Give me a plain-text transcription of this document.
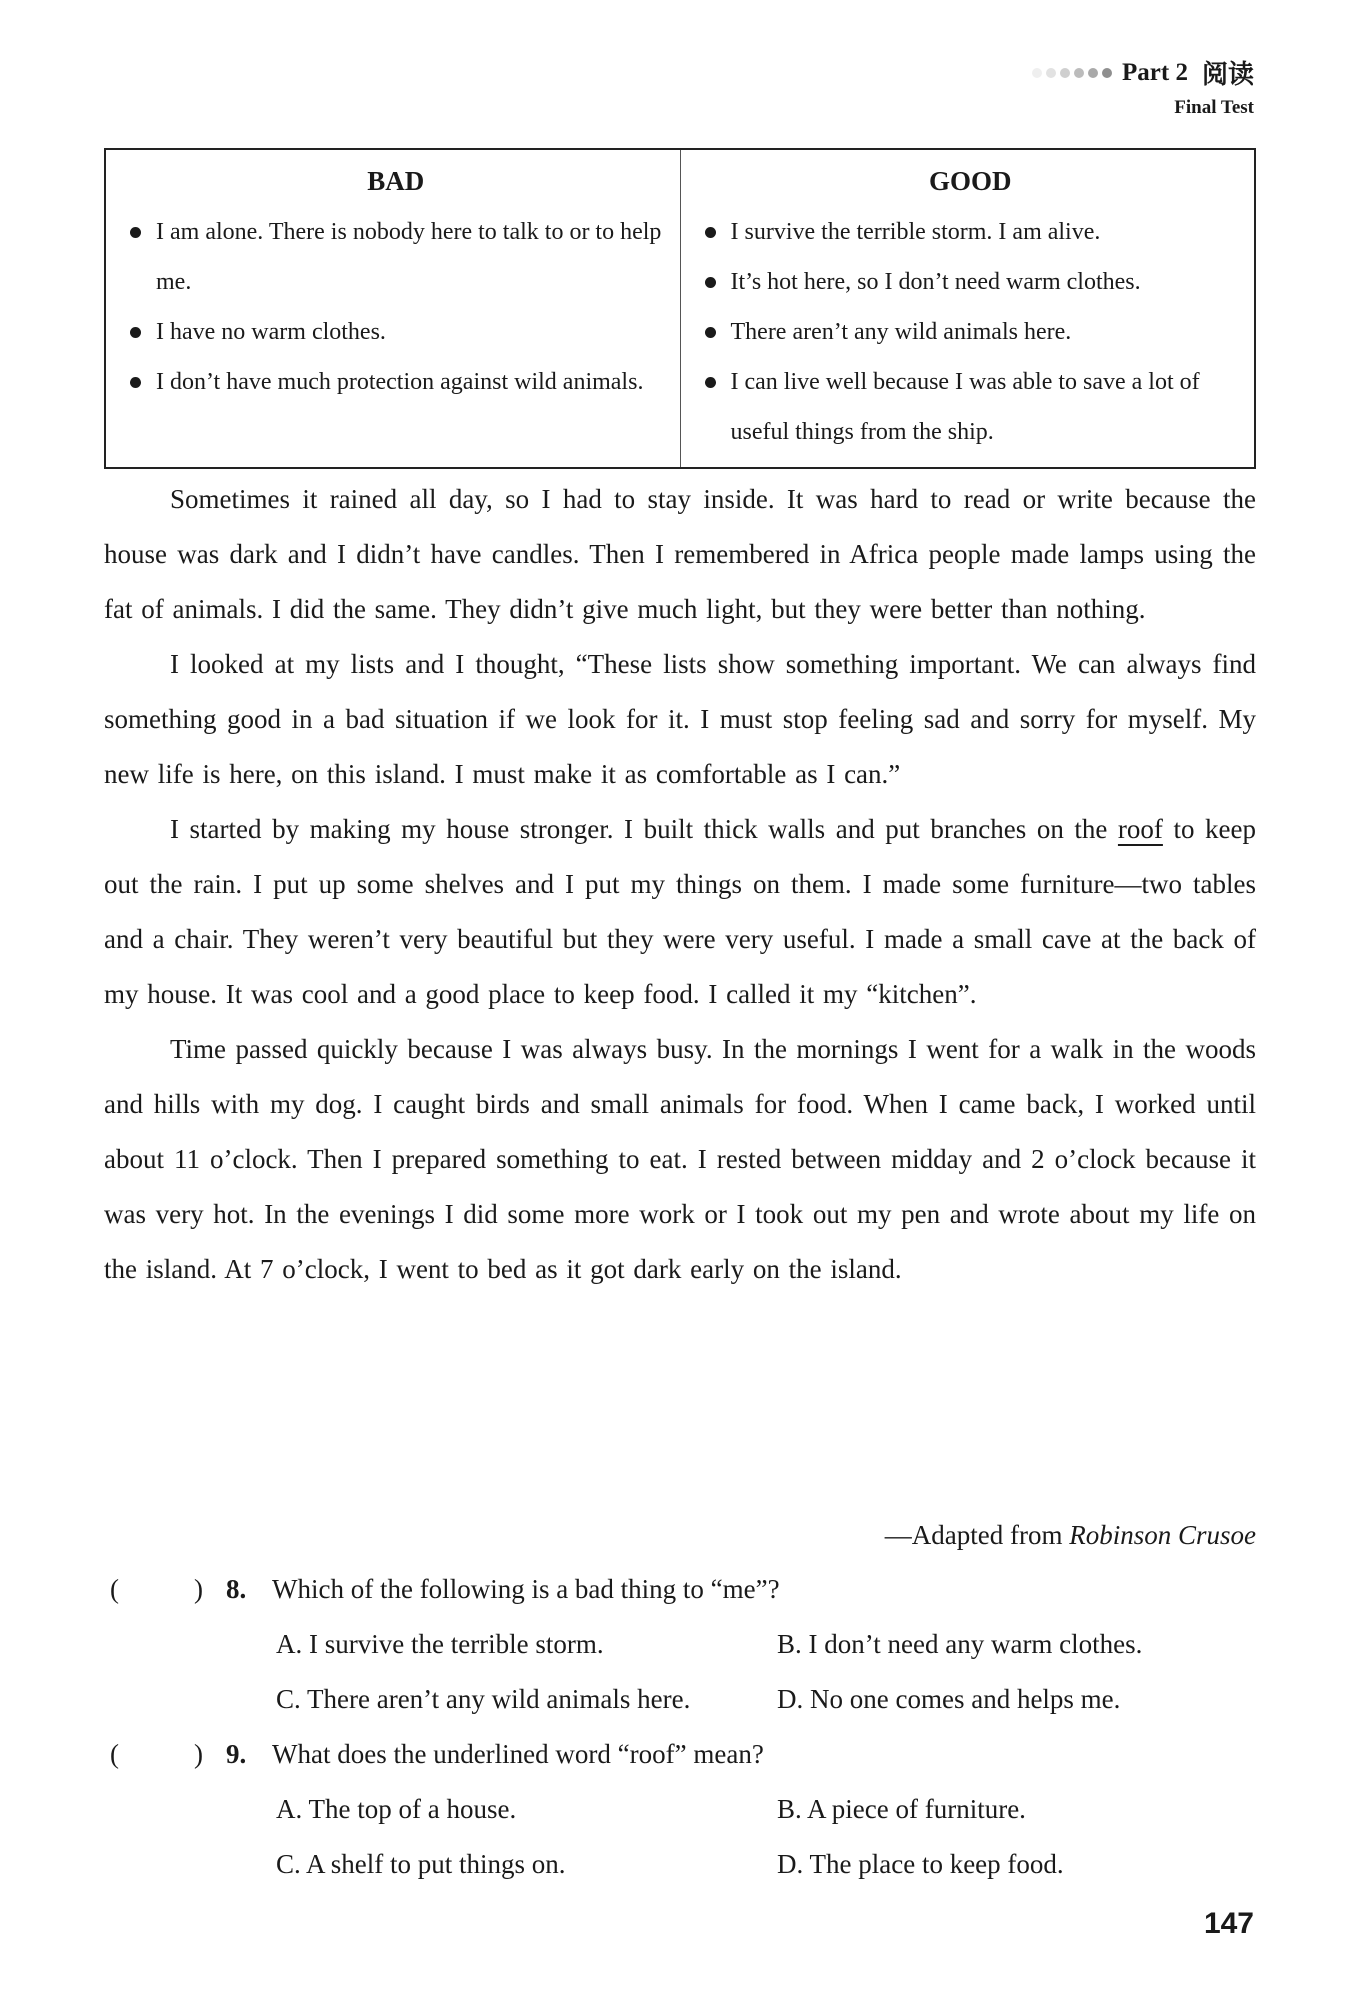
Part 2 阅读
Final Test
BAD
I am alone. There is nobody here to talk to or to help me.
I have no warm clothes.
I don’t have much protection against wild animals.

GOOD
I survive the terrible storm. I am alive.
It’s hot here, so I don’t need warm clothes.
There aren’t any wild animals here.
I can live well because I was able to save a lot of useful things from the ship.

Sometimes it rained all day, so I had to stay inside. It was hard to read or write because the house was dark and I didn’t have candles. Then I remembered in Africa people made lamps using the fat of animals. I did the same. They didn’t give much light, but they were better than nothing.

I looked at my lists and I thought, “These lists show something important. We can always find something good in a bad situation if we look for it. I must stop feeling sad and sorry for myself. My new life is here, on this island. I must make it as comfortable as I can.”

I started by making my house stronger. I built thick walls and put branches on the roof to keep out the rain. I put up some shelves and I put my things on them. I made some furniture—two tables and a chair. They weren’t very beautiful but they were very useful. I made a small cave at the back of my house. It was cool and a good place to keep food. I called it my “kitchen”.

Time passed quickly because I was always busy. In the mornings I went for a walk in the woods and hills with my dog. I caught birds and small animals for food. When I came back, I worked until about 11 o’clock. Then I prepared something to eat. I rested between midday and 2 o’clock because it was very hot. In the evenings I did some more work or I took out my pen and wrote about my life on the island. At 7 o’clock, I went to bed as it got dark early on the island.

—Adapted from Robinson Crusoe
(	) 8. Which of the following is a bad thing to “me”?
A. I survive the terrible storm.	B. I don’t need any warm clothes.
C. There aren’t any wild animals here.	D. No one comes and helps me.
(	) 9. What does the underlined word “roof” mean?
A. The top of a house.	B. A piece of furniture.
C. A shelf to put things on.	D. The place to keep food.
147
